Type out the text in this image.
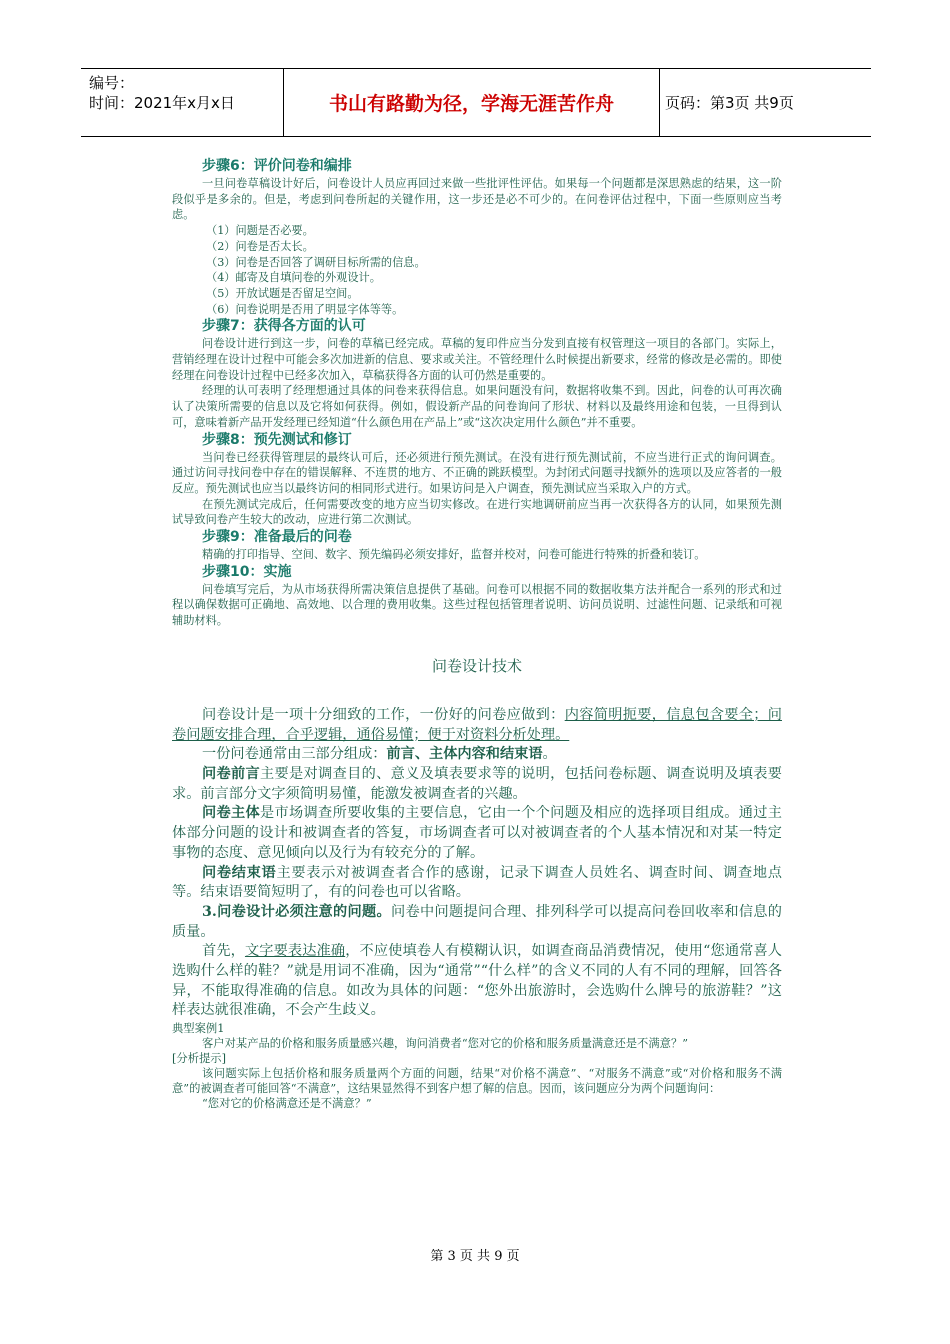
编号：
时间：2021年x月x日	书山有路勤为径，学海无涯苦作舟	页码：第3页 共9页
步骤6：评价问卷和编排

一旦问卷草稿设计好后，问卷设计人员应再回过来做一些批评性评估。如果每一个问题都是深思熟虑的结果，这一阶段似乎是多余的。但是，考虑到问卷所起的关键作用，这一步还是必不可少的。在问卷评估过程中，下面一些原则应当考虑。

（1）问题是否必要。

（2）问卷是否太长。

（3）问卷是否回答了调研目标所需的信息。

（4）邮寄及自填问卷的外观设计。

（5）开放试题是否留足空间。

（6）问卷说明是否用了明显字体等等。

步骤7：获得各方面的认可

问卷设计进行到这一步，问卷的草稿已经完成。草稿的复印件应当分发到直接有权管理这一项目的各部门。实际上，营销经理在设计过程中可能会多次加进新的信息、要求或关注。不管经理什么时候提出新要求，经常的修改是必需的。即使经理在问卷设计过程中已经多次加入，草稿获得各方面的认可仍然是重要的。

经理的认可表明了经理想通过具体的问卷来获得信息。如果问题没有问，数据将收集不到。因此，问卷的认可再次确认了决策所需要的信息以及它将如何获得。例如，假设新产品的问卷询问了形状、材料以及最终用途和包装，一旦得到认可，意味着新产品开发经理已经知道“什么颜色用在产品上”或“这次决定用什么颜色”并不重要。

步骤8：预先测试和修订

当问卷已经获得管理层的最终认可后，还必须进行预先测试。在没有进行预先测试前，不应当进行正式的询问调查。通过访问寻找问卷中存在的错误解释、不连贯的地方、不正确的跳跃模型。为封闭式问题寻找额外的选项以及应答者的一般反应。预先测试也应当以最终访问的相同形式进行。如果访问是入户调查，预先测试应当采取入户的方式。

在预先测试完成后，任何需要改变的地方应当切实修改。在进行实地调研前应当再一次获得各方的认同，如果预先测试导致问卷产生较大的改动，应进行第二次测试。

步骤9：准备最后的问卷

精确的打印指导、空间、数字、预先编码必须安排好，监督并校对，问卷可能进行特殊的折叠和装订。

步骤10：实施

问卷填写完后，为从市场获得所需决策信息提供了基础。问卷可以根据不同的数据收集方法并配合一系列的形式和过程以确保数据可正确地、高效地、以合理的费用收集。这些过程包括管理者说明、访问员说明、过滤性问题、记录纸和可视辅助材料。

问卷设计技术

问卷设计是一项十分细致的工作，一份好的问卷应做到：内容简明扼要，信息包含要全；问卷问题安排合理，合乎逻辑，通俗易懂；便于对资料分析处理。

一份问卷通常由三部分组成：前言、主体内容和结束语。

问卷前言主要是对调查目的、意义及填表要求等的说明，包括问卷标题、调查说明及填表要求。前言部分文字须简明易懂，能激发被调查者的兴趣。

问卷主体是市场调查所要收集的主要信息，它由一个个问题及相应的选择项目组成。通过主体部分问题的设计和被调查者的答复，市场调查者可以对被调查者的个人基本情况和对某一特定事物的态度、意见倾向以及行为有较充分的了解。

问卷结束语主要表示对被调查者合作的感谢，记录下调查人员姓名、调查时间、调查地点等。结束语要简短明了，有的问卷也可以省略。

3.问卷设计必须注意的问题。问卷中问题提问合理、排列科学可以提高问卷回收率和信息的质量。

首先，文字要表达准确，不应使填卷人有模糊认识，如调查商品消费情况，使用“您通常喜人选购什么样的鞋？”就是用词不准确，因为“通常”“什么样”的含义不同的人有不同的理解，回答各异，不能取得准确的信息。如改为具体的问题：“您外出旅游时，会选购什么牌号的旅游鞋？”这样表达就很准确，不会产生歧义。

典型案例1

客户对某产品的价格和服务质量感兴趣，询问消费者“您对它的价格和服务质量满意还是不满意？”

[分析提示]

该问题实际上包括价格和服务质量两个方面的问题，结果“对价格不满意”、“对服务不满意”或“对价格和服务不满意”的被调查者可能回答“不满意”，这结果显然得不到客户想了解的信息。因而，该问题应分为两个问题询问：

“您对它的价格满意还是不满意？”

第 3 页 共 9 页
